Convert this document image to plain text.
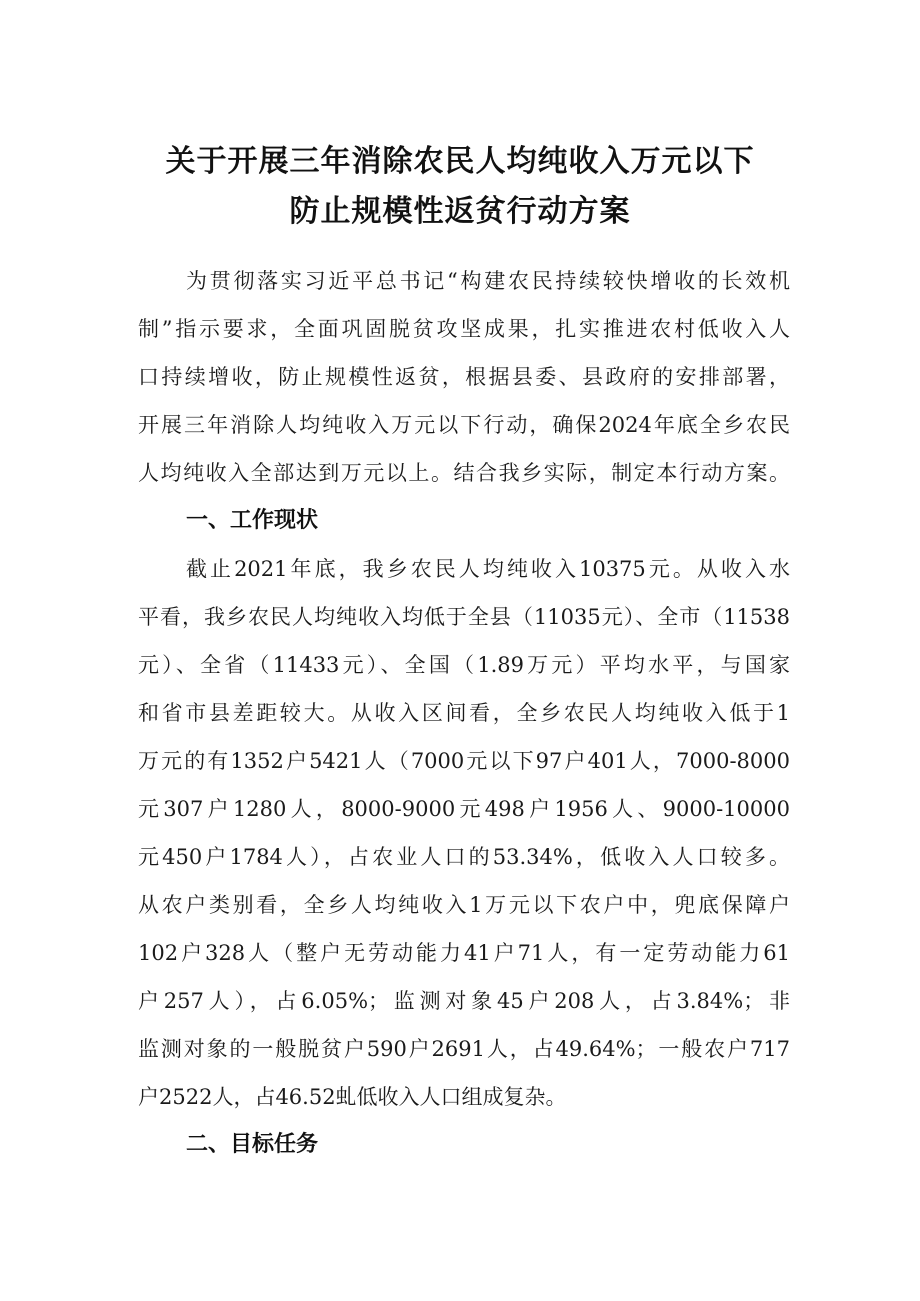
关于开展三年消除农民人均纯收入万元以下
防止规模性返贫行动方案
为贯彻落实习近平总书记“构建农民持续较快增收的长效机
制”指示要求，全面巩固脱贫攻坚成果，扎实推进农村低收入人
口持续增收，防止规模性返贫，根据县委、县政府的安排部署，
开展三年消除人均纯收入万元以下行动，确保2024年底全乡农民
人均纯收入全部达到万元以上。结合我乡实际，制定本行动方案。
一、工作现状
截止2021年底，我乡农民人均纯收入10375元。从收入水
平看，我乡农民人均纯收入均低于全县（11035元）、全市（11538
元）、全省（11433元）、全国（1.89万元）平均水平，与国家
和省市县差距较大。从收入区间看，全乡农民人均纯收入低于1
万元的有1352户5421人（7000元以下97户401人，7000-8000
元307户1280人，8000-9000元498户1956人、9000-10000
元450户1784人），占农业人口的53.34%，低收入人口较多。
从农户类别看，全乡人均纯收入1万元以下农户中，兜底保障户
102户328人（整户无劳动能力41户71人，有一定劳动能力61
户257人），占6.05%；监测对象45户208人，占3.84%；非
监测对象的一般脱贫户590户2691人，占49.64%；一般农户717
户2522人，占46.52虬低收入人口组成复杂。
二、目标任务
